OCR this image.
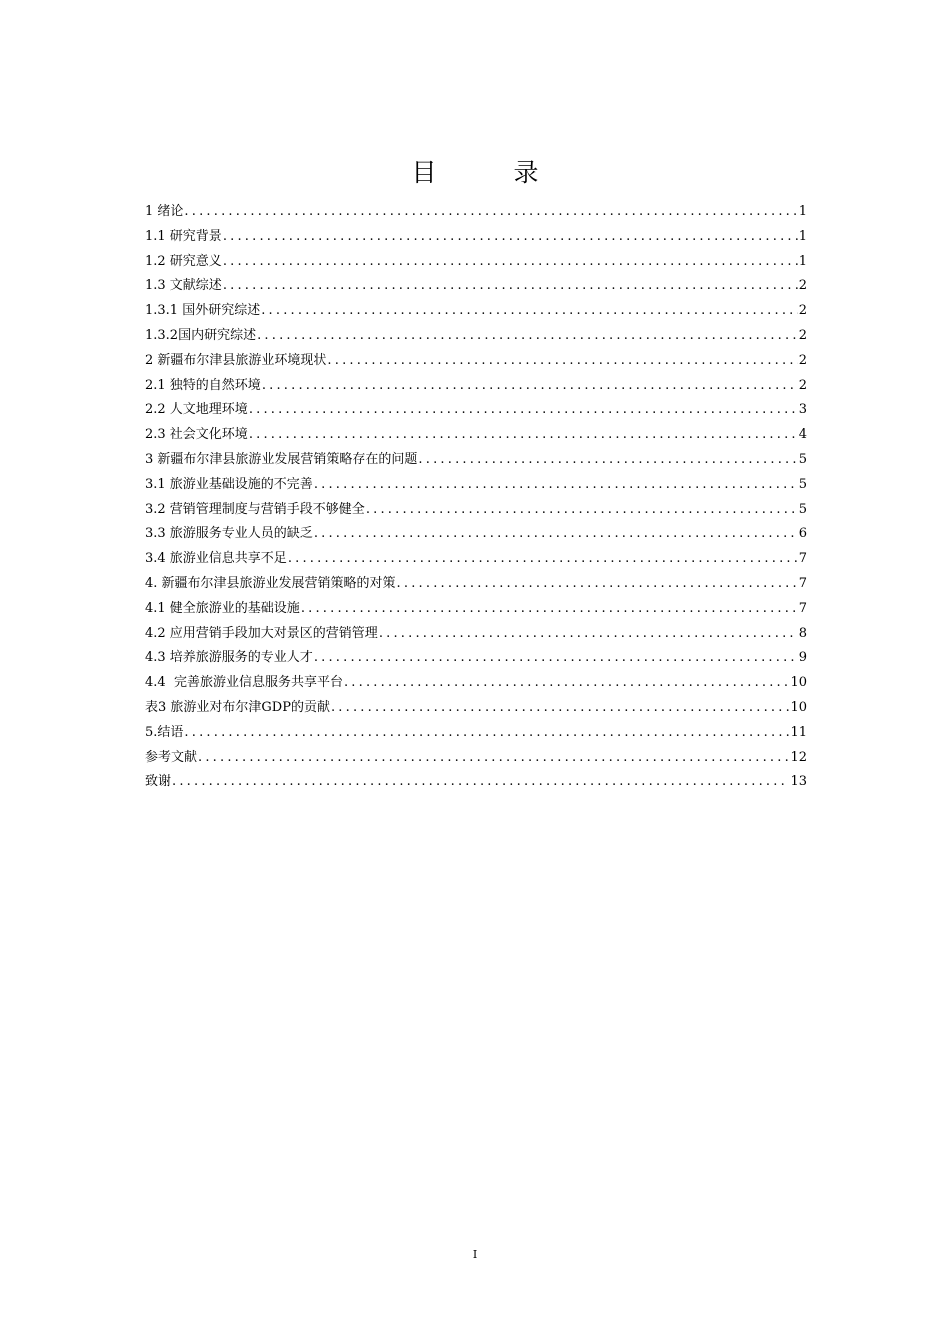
目　录
1 绪论 .....	1
1.1 研究背景 .....	1
1.2 研究意义 .....	1
1.3 文献综述 .....	2
1.3.1 国外研究综述 .....	2
1.3.2国内研究综述 .....	2
2 新疆布尔津县旅游业环境现状 .....	2
2.1 独特的自然环境 .....	2
2.2 人文地理环境 .....	3
2.3 社会文化环境 .....	4
3 新疆布尔津县旅游业发展营销策略存在的问题 .....	5
3.1 旅游业基础设施的不完善 .....	5
3.2 营销管理制度与营销手段不够健全 .....	5
3.3 旅游服务专业人员的缺乏 .....	6
3.4 旅游业信息共享不足 .....	7
4. 新疆布尔津县旅游业发展营销策略的对策 .....	7
4.1 健全旅游业的基础设施 .....	7
4.2 应用营销手段加大对景区的营销管理 .....	8
4.3 培养旅游服务的专业人才 .....	9
4.4  完善旅游业信息服务共享平台 .....	10
表3 旅游业对布尔津GDP的贡献 .....	10
5.结语 .....	11
参考文献 .....	12
致谢 .....	13
I
